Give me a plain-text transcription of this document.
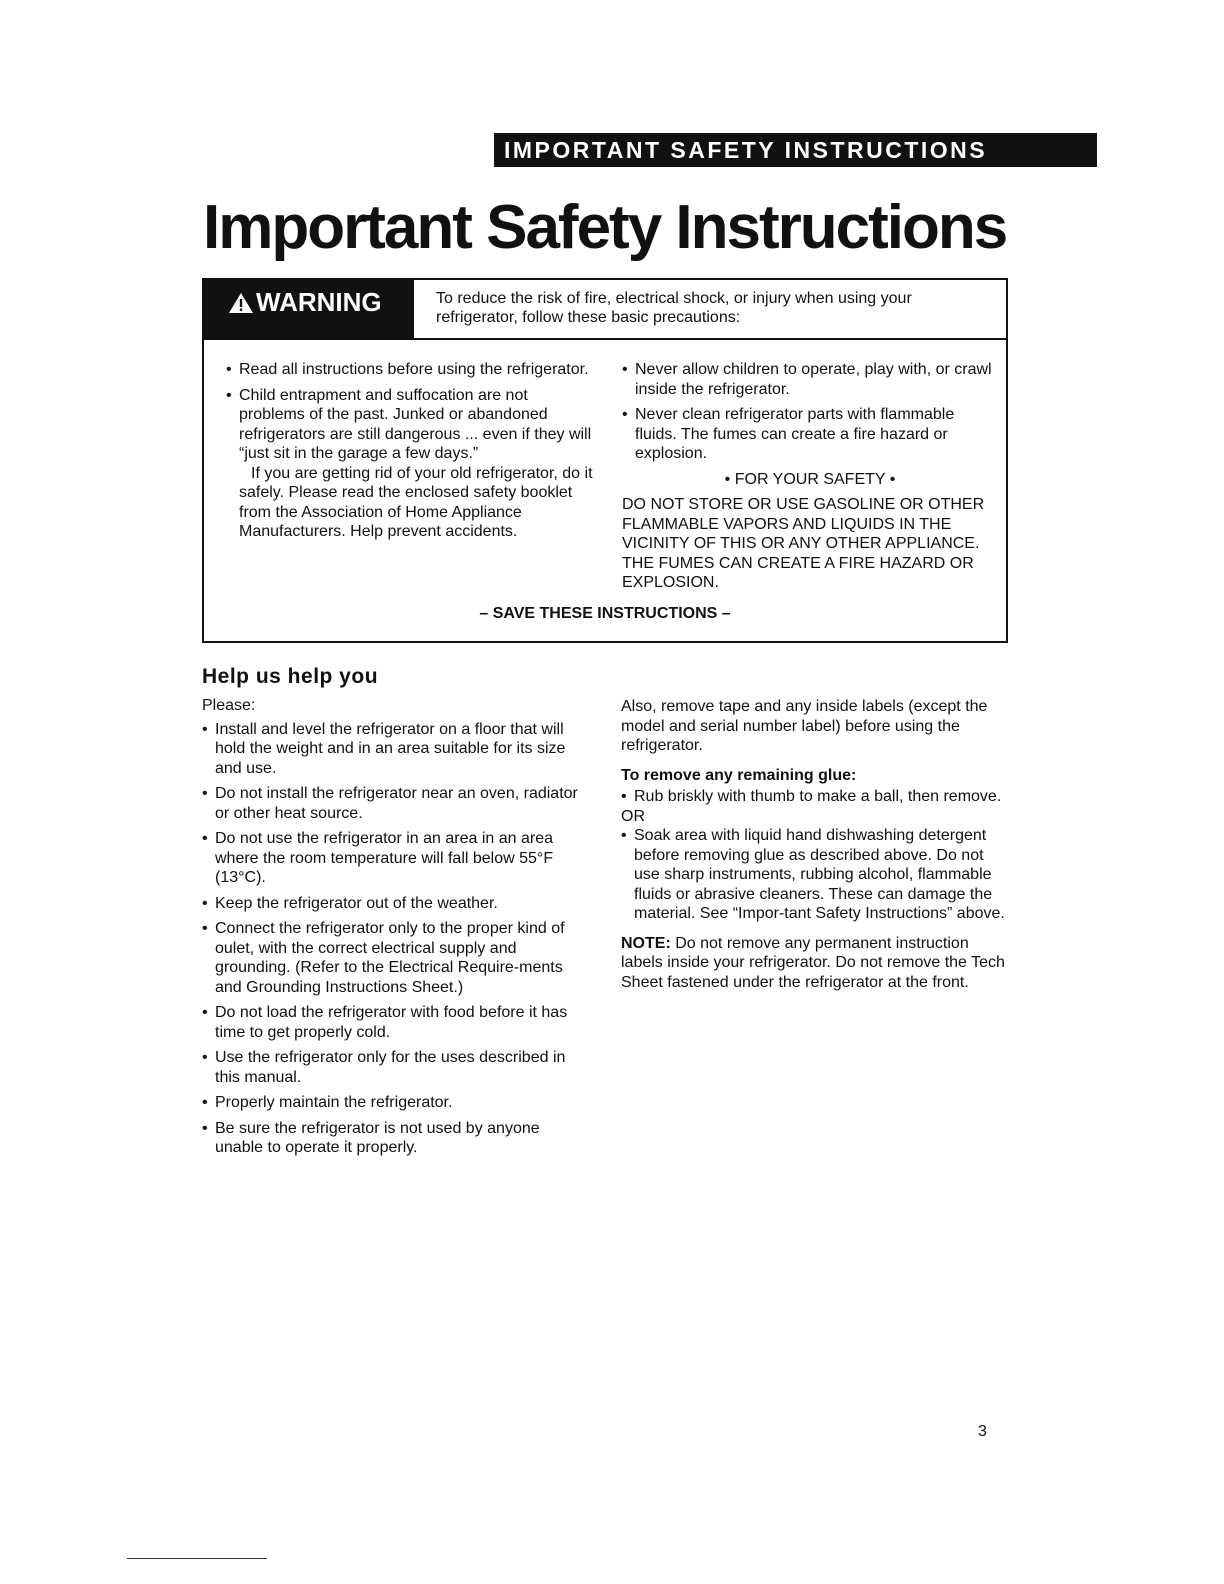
IMPORTANT SAFETY INSTRUCTIONS
Important Safety Instructions
WARNING	To reduce the risk of fire, electrical shock, or injury when using your refrigerator, follow these basic precautions:
• Read all instructions before using the refrigerator.
• Child entrapment and suffocation are not problems of the past. Junked or abandoned refrigerators are still dangerous ... even if they will “just sit in the garage a few days.”

If you are getting rid of your old refrigerator, do it safely. Please read the enclosed safety booklet from the Association of Home Appliance Manufacturers. Help prevent accidents.

• Never allow children to operate, play with, or crawl inside the refrigerator.
• Never clean refrigerator parts with flammable fluids. The fumes can create a fire hazard or explosion.

• FOR YOUR SAFETY •

DO NOT STORE OR USE GASOLINE OR OTHER FLAMMABLE VAPORS AND LIQUIDS IN THE VICINITY OF THIS OR ANY OTHER APPLIANCE. THE FUMES CAN CREATE A FIRE HAZARD OR EXPLOSION.

– SAVE THESE INSTRUCTIONS –
Help us help you

Please:

• Install and level the refrigerator on a floor that will hold the weight and in an area suitable for its size and use.
• Do not install the refrigerator near an oven, radiator or other heat source.
• Do not use the refrigerator in an area in an area where the room temperature will fall below 55°F (13°C).
• Keep the refrigerator out of the weather.
• Connect the refrigerator only to the proper kind of oulet, with the correct electrical supply and grounding. (Refer to the Electrical Require-ments and Grounding Instructions Sheet.)
• Do not load the refrigerator with food before it has time to get properly cold.
• Use the refrigerator only for the uses described in this manual.
• Properly maintain the refrigerator.
• Be sure the refrigerator is not used by anyone unable to operate it properly.

Also, remove tape and any inside labels (except the model and serial number label) before using the refrigerator.

To remove any remaining glue:

• Rub briskly with thumb to make a ball, then remove.

OR

• Soak area with liquid hand dishwashing detergent before removing glue as described above. Do not use sharp instruments, rubbing alcohol, flammable fluids or abrasive cleaners. These can damage the material. See “Impor-tant Safety Instructions” above.

NOTE: Do not remove any permanent instruction labels inside your refrigerator. Do not remove the Tech Sheet fastened under the refrigerator at the front.

3
